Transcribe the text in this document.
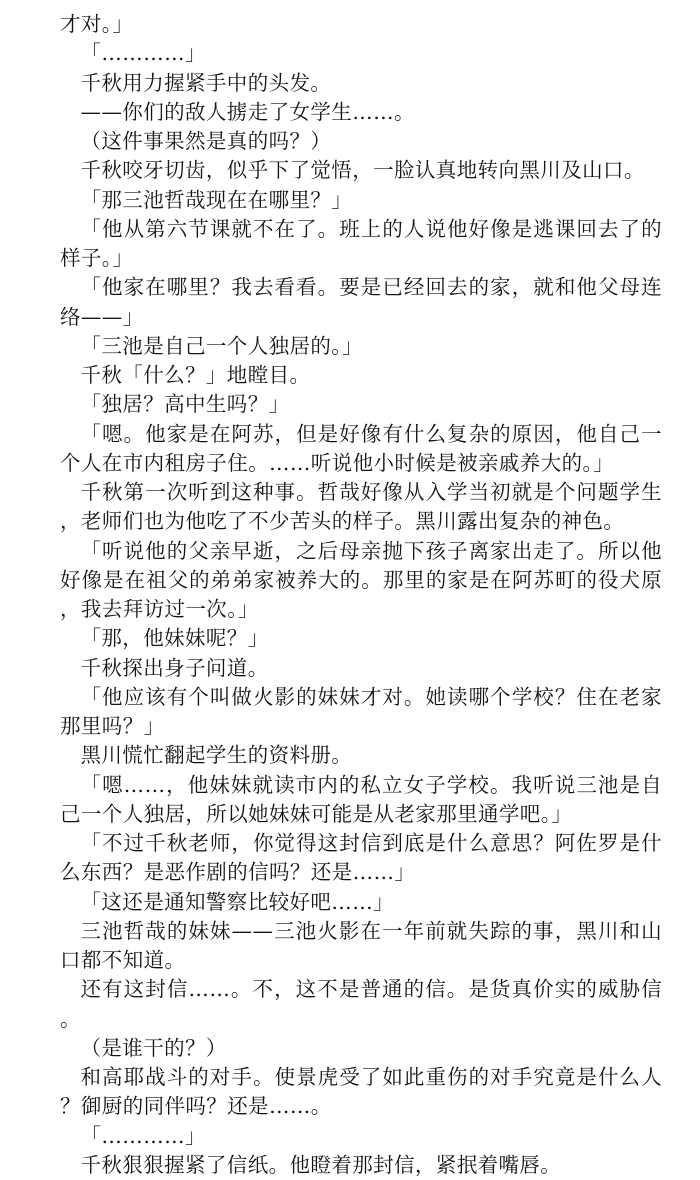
才对。」

「…………」

千秋用力握紧手中的头发。

——你们的敌人掳走了女学生……。

（这件事果然是真的吗？）

千秋咬牙切齿，似乎下了觉悟，一脸认真地转向黑川及山口。

「那三池哲哉现在在哪里？」

「他从第六节课就不在了。班上的人说他好像是逃课回去了的样子。」

「他家在哪里？我去看看。要是已经回去的家，就和他父母连络——」

「三池是自己一个人独居的。」

千秋「什么？」地瞠目。

「独居？高中生吗？」

「嗯。他家是在阿苏，但是好像有什么复杂的原因，他自己一个人在市内租房子住。……听说他小时候是被亲戚养大的。」

千秋第一次听到这种事。哲哉好像从入学当初就是个问题学生，老师们也为他吃了不少苦头的样子。黑川露出复杂的神色。

「听说他的父亲早逝，之后母亲抛下孩子离家出走了。所以他好像是在祖父的弟弟家被养大的。那里的家是在阿苏町的役犬原，我去拜访过一次。」

「那，他妹妹呢？」

千秋探出身子问道。

「他应该有个叫做火影的妹妹才对。她读哪个学校？住在老家那里吗？」

黑川慌忙翻起学生的资料册。

「嗯……，他妹妹就读市内的私立女子学校。我听说三池是自己一个人独居，所以她妹妹可能是从老家那里通学吧。」

「不过千秋老师，你觉得这封信到底是什么意思？阿佐罗是什么东西？是恶作剧的信吗？还是……」

「这还是通知警察比较好吧……」

三池哲哉的妹妹——三池火影在一年前就失踪的事，黑川和山口都不知道。

还有这封信……。不，这不是普通的信。是货真价实的威胁信。

（是谁干的？）

和高耶战斗的对手。使景虎受了如此重伤的对手究竟是什么人？御厨的同伴吗？还是……。

「…………」

千秋狠狠握紧了信纸。他瞪着那封信，紧抿着嘴唇。
